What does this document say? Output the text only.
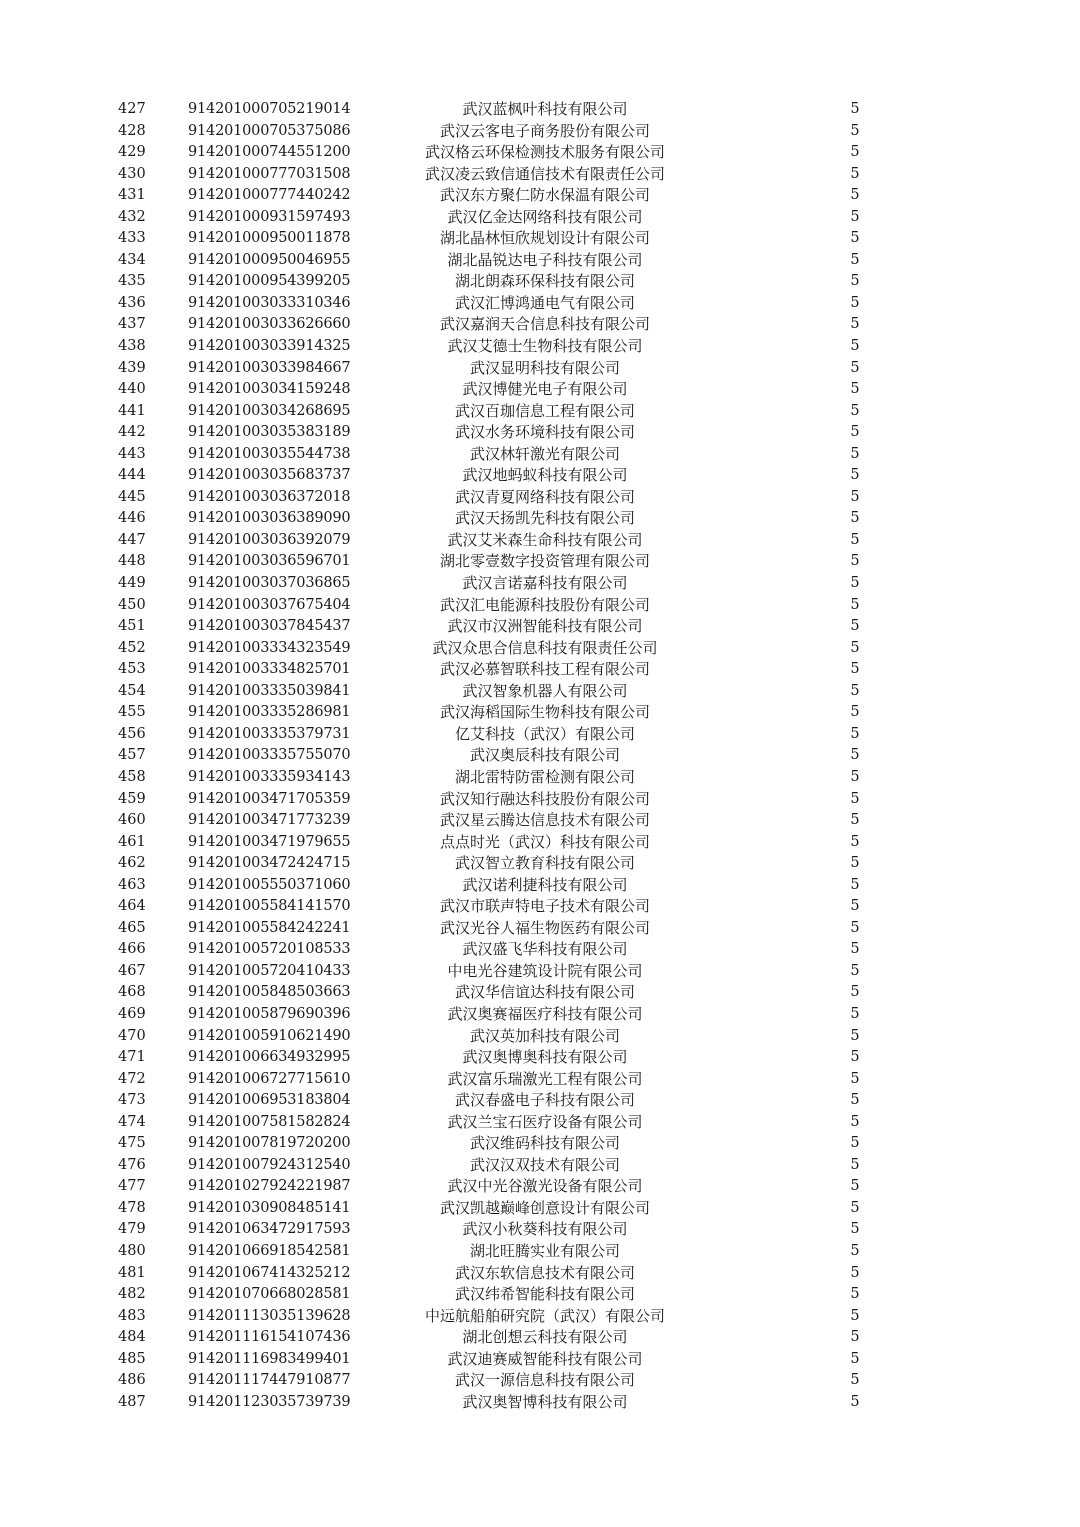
427	914201000705219014	武汉蓝枫叶科技有限公司	5
428	914201000705375086	武汉云客电子商务股份有限公司	5
429	914201000744551200	武汉格云环保检测技术服务有限公司	5
430	914201000777031508	武汉凌云致信通信技术有限责任公司	5
431	914201000777440242	武汉东方聚仁防水保温有限公司	5
432	914201000931597493	武汉亿金达网络科技有限公司	5
433	914201000950011878	湖北晶林恒欣规划设计有限公司	5
434	914201000950046955	湖北晶锐达电子科技有限公司	5
435	914201000954399205	湖北朗森环保科技有限公司	5
436	914201003033310346	武汉汇博鸿通电气有限公司	5
437	914201003033626660	武汉嘉润天合信息科技有限公司	5
438	914201003033914325	武汉艾德士生物科技有限公司	5
439	914201003033984667	武汉显明科技有限公司	5
440	914201003034159248	武汉博健光电子有限公司	5
441	914201003034268695	武汉百珈信息工程有限公司	5
442	914201003035383189	武汉水务环境科技有限公司	5
443	914201003035544738	武汉林轩激光有限公司	5
444	914201003035683737	武汉地蚂蚁科技有限公司	5
445	914201003036372018	武汉青夏网络科技有限公司	5
446	914201003036389090	武汉天扬凯先科技有限公司	5
447	914201003036392079	武汉艾米森生命科技有限公司	5
448	914201003036596701	湖北零壹数字投资管理有限公司	5
449	914201003037036865	武汉言诺嘉科技有限公司	5
450	914201003037675404	武汉汇电能源科技股份有限公司	5
451	914201003037845437	武汉市汉洲智能科技有限公司	5
452	914201003334323549	武汉众思合信息科技有限责任公司	5
453	914201003334825701	武汉必慕智联科技工程有限公司	5
454	914201003335039841	武汉智象机器人有限公司	5
455	914201003335286981	武汉海稻国际生物科技有限公司	5
456	914201003335379731	亿艾科技（武汉）有限公司	5
457	914201003335755070	武汉奥辰科技有限公司	5
458	914201003335934143	湖北雷特防雷检测有限公司	5
459	914201003471705359	武汉知行融达科技股份有限公司	5
460	914201003471773239	武汉星云腾达信息技术有限公司	5
461	914201003471979655	点点时光（武汉）科技有限公司	5
462	914201003472424715	武汉智立教育科技有限公司	5
463	914201005550371060	武汉诺利捷科技有限公司	5
464	914201005584141570	武汉市联声特电子技术有限公司	5
465	914201005584242241	武汉光谷人福生物医药有限公司	5
466	914201005720108533	武汉盛飞华科技有限公司	5
467	914201005720410433	中电光谷建筑设计院有限公司	5
468	914201005848503663	武汉华信谊达科技有限公司	5
469	914201005879690396	武汉奥赛福医疗科技有限公司	5
470	914201005910621490	武汉英加科技有限公司	5
471	914201006634932995	武汉奥博奥科技有限公司	5
472	914201006727715610	武汉富乐瑞激光工程有限公司	5
473	914201006953183804	武汉春盛电子科技有限公司	5
474	914201007581582824	武汉兰宝石医疗设备有限公司	5
475	914201007819720200	武汉维码科技有限公司	5
476	914201007924312540	武汉汉双技术有限公司	5
477	914201027924221987	武汉中光谷激光设备有限公司	5
478	914201030908485141	武汉凯越巅峰创意设计有限公司	5
479	914201063472917593	武汉小秋葵科技有限公司	5
480	914201066918542581	湖北旺腾实业有限公司	5
481	914201067414325212	武汉东软信息技术有限公司	5
482	914201070668028581	武汉纬希智能科技有限公司	5
483	914201113035139628	中远航船舶研究院（武汉）有限公司	5
484	914201116154107436	湖北创想云科技有限公司	5
485	914201116983499401	武汉迪赛威智能科技有限公司	5
486	914201117447910877	武汉一源信息科技有限公司	5
487	914201123035739739	武汉奥智博科技有限公司	5
